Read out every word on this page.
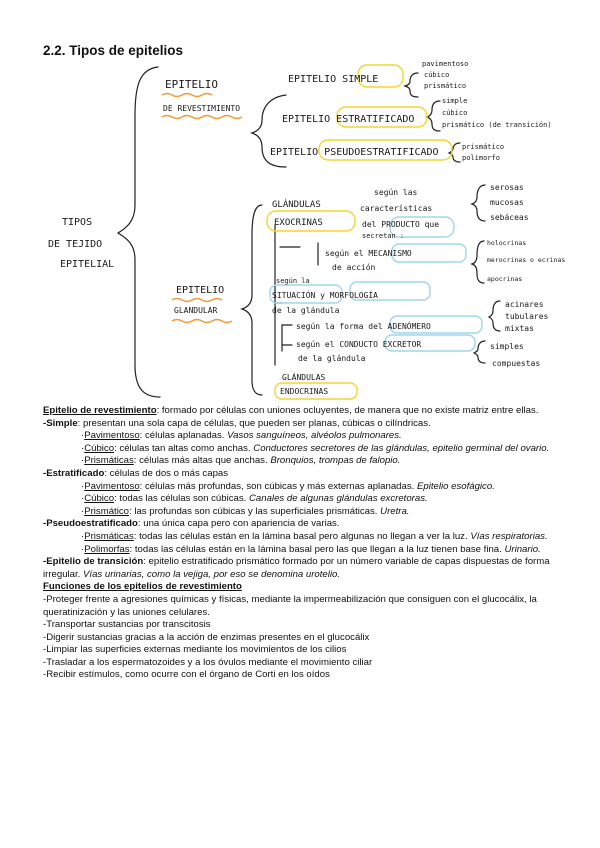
2.2. Tipos de epitelios
TIPOS
DE TEJIDO
EPITELIAL
EPITELIO
DE REVESTIMIENTO
EPITELIO SIMPLE
pavimentoso
cúbico
prismático
EPITELIO ESTRATIFICADO
simple
cúbico
prismático (de transición)
EPITELIO PSEUDOESTRATIFICADO	prismático
polimorfo
EPITELIO
GLANDULAR
GLÁNDULAS
EXOCRINAS
según las
características
del PRODUCTO que
secretan :
serosas
mucosas
sebáceas
según el MECANISMO
de acción
holocrinas
merocrinas o ecrinas
apocrinas
según la
SITUACIÓN y MORFOLOGÍA
de la glándula
según la forma del ADENÓMERO
acinares
tubulares
mixtas
según el CONDUCTO EXCRETOR
de la glándula
simples
compuestas
GLÁNDULAS
ENDOCRINAS

Epitelio de revestimiento: formado por células con uniones ocluyentes, de manera que no existe matriz entre ellas.

-Simple: presentan una sola capa de células, que pueden ser planas, cúbicas o cilíndricas.

·Pavimentoso: células aplanadas. Vasos sanguíneos, alvéolos pulmonares.

·Cúbico: células tan altas como anchas. Conductores secretores de las glándulas, epitelio germinal del ovario.

·Prismáticas: células más altas que anchas. Bronquios, trompas de falopio.

-Estratificado: células de dos o más capas

·Pavimentoso: células más profundas, son cúbicas y más externas aplanadas. Epitelio esofágico.

·Cúbico: todas las células son cúbicas. Canales de algunas glándulas excretoras.

·Prismático: las profundas son cúbicas y las superficiales prismáticas. Uretra.

-Pseudoestratificado: una única capa pero con apariencia de varias.

·Prismáticas: todas las células están en la lámina basal pero algunas no llegan a ver la luz. Vías respiratorias.

·Polimorfas: todas las células están en la lámina basal pero las que llegan a la luz tienen base fina. Urinario.

-Epitelio de transición: epitelio estratificado prismático formado por un número variable de capas dispuestas de forma irregular. Vías urinarias, como la vejiga, por eso se denomina urotelio.

Funciones de los epitelios de revestimiento

-Proteger frente a agresiones químicas y físicas, mediante la impermeabilización que consiguen con el glucocálix, la queratinización y las uniones celulares.

-Transportar sustancias por transcitosis

-Digerir sustancias gracias a la acción de enzimas presentes en el glucocálix

-Limpiar las superficies externas mediante los movimientos de los cilios

-Trasladar a los espermatozoides y a los óvulos mediante el movimiento ciliar

-Recibir estímulos, como ocurre con el órgano de Corti en los oídos
